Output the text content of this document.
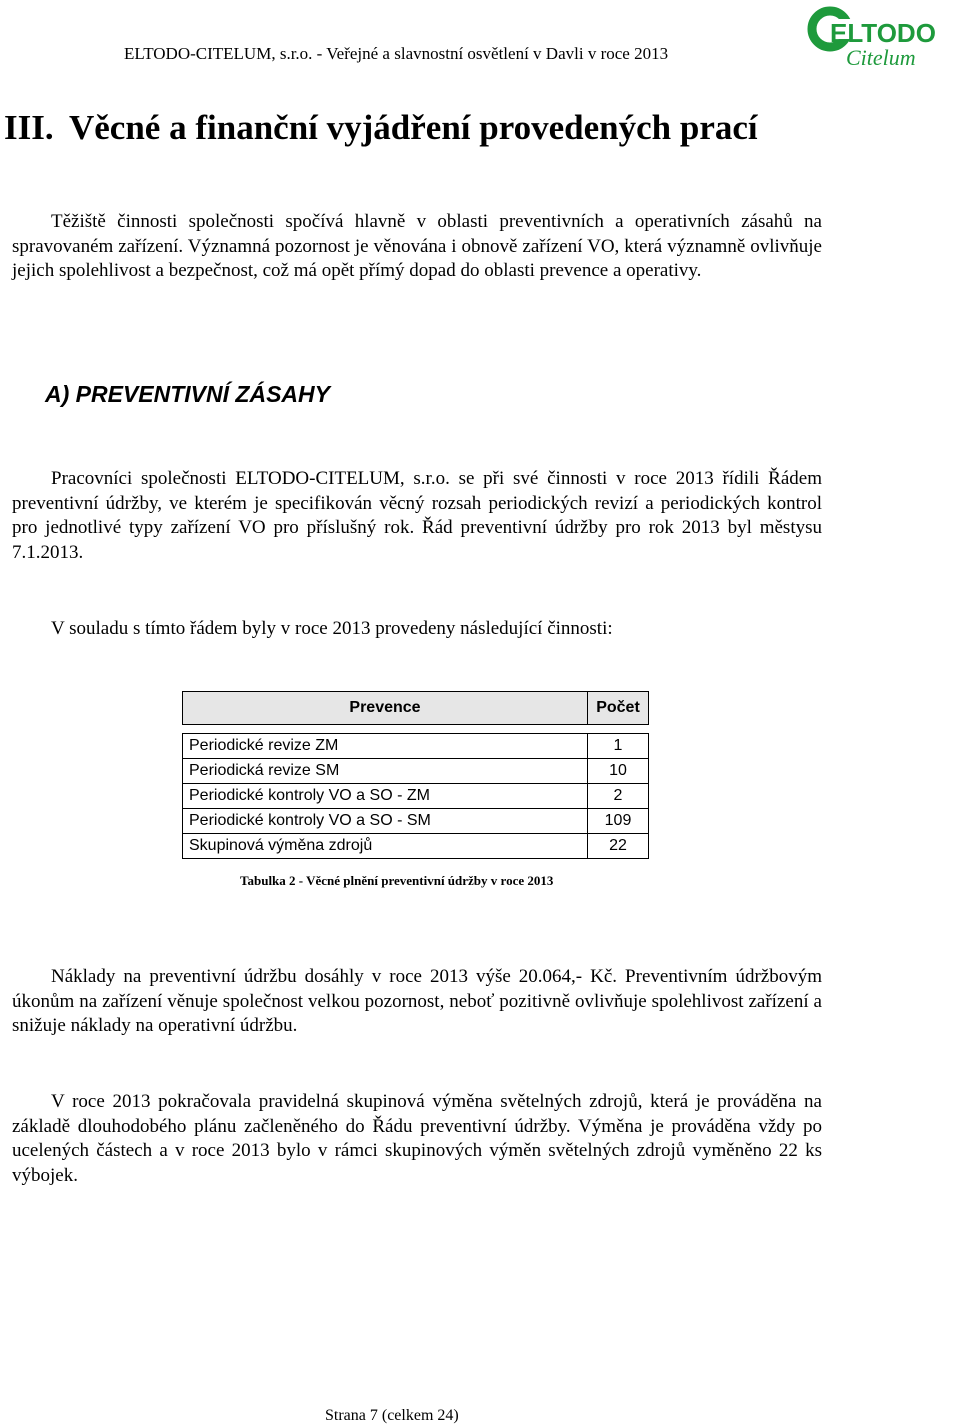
ELTODO-CITELUM, s.r.o. - Veřejné a slavnostní osvětlení v Davli v roce 2013
ELTODO
Citelum
III. Věcné a finanční vyjádření provedených prací
Těžiště činnosti společnosti spočívá hlavně v oblasti preventivních a operativních zásahů na spravovaném zařízení. Významná pozornost je věnována i obnově zařízení VO, která významně ovlivňuje jejich spolehlivost a bezpečnost, což má opět přímý dopad do oblasti prevence a operativy.
A) PREVENTIVNÍ ZÁSAHY
Pracovníci společnosti ELTODO-CITELUM, s.r.o. se při své činnosti v roce 2013 řídili Řádem preventivní údržby, ve kterém je specifikován věcný rozsah periodických revizí a periodických kontrol pro jednotlivé typy zařízení VO pro příslušný rok. Řád preventivní údržby pro rok 2013 byl městysu 7.1.2013.
V souladu s tímto řádem byly v roce 2013 provedeny následující činnosti:
Prevence	Počet

Periodické revize ZM	1
Periodická revize SM	10
Periodické kontroly VO a SO - ZM	2
Periodické kontroly VO a SO - SM	109
Skupinová výměna zdrojů	22
Tabulka 2 - Věcné plnění preventivní údržby v roce 2013
Náklady na preventivní údržbu dosáhly v roce 2013 výše 20.064,- Kč. Preventivním údržbovým úkonům na zařízení věnuje společnost velkou pozornost, neboť pozitivně ovlivňuje spolehlivost zařízení a snižuje náklady na operativní údržbu.
V roce 2013 pokračovala pravidelná skupinová výměna světelných zdrojů, která je prováděna na základě dlouhodobého plánu začleněného do Řádu preventivní údržby. Výměna je prováděna vždy po ucelených částech a v roce 2013 bylo v rámci skupinových výměn světelných zdrojů vyměněno 22 ks výbojek.
Strana 7 (celkem 24)
